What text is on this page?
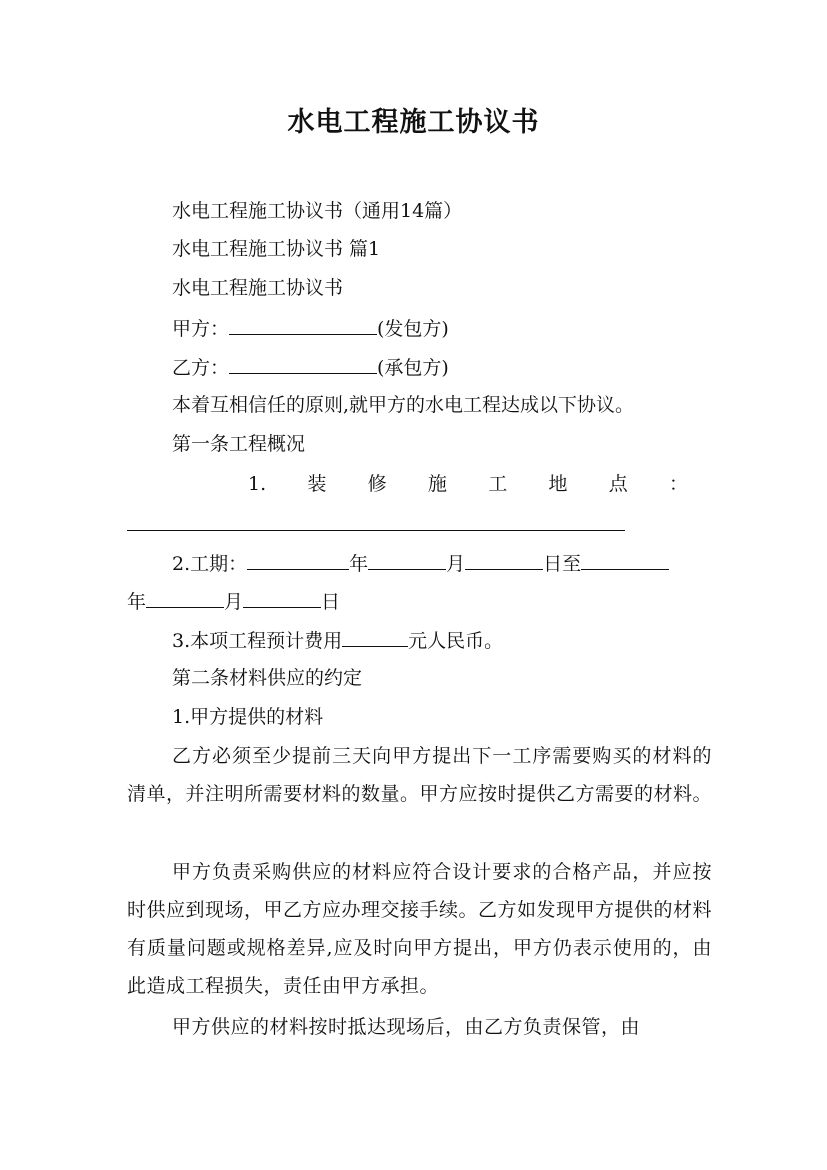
水电工程施工协议书
水电工程施工协议书（通用14篇）
水电工程施工协议书 篇1
水电工程施工协议书
甲方：	(发包方)
乙方：	(承包方)
本着互相信任的原则,就甲方的水电工程达成以下协议。
第一条工程概况
1. 装 修 施 工 地 点 ：
2.工期：	年	月	日至
年	月	日
3.本项工程预计费用	元人民币。
第二条材料供应的约定
1.甲方提供的材料
乙方必须至少提前三天向甲方提出下一工序需要购买的材料的清单，并注明所需要材料的数量。甲方应按时提供乙方需要的材料。
甲方负责采购供应的材料应符合设计要求的合格产品，并应按时供应到现场，甲乙方应办理交接手续。乙方如发现甲方提供的材料有质量问题或规格差异,应及时向甲方提出，甲方仍表示使用的，由此造成工程损失，责任由甲方承担。
甲方供应的材料按时抵达现场后，由乙方负责保管，由
